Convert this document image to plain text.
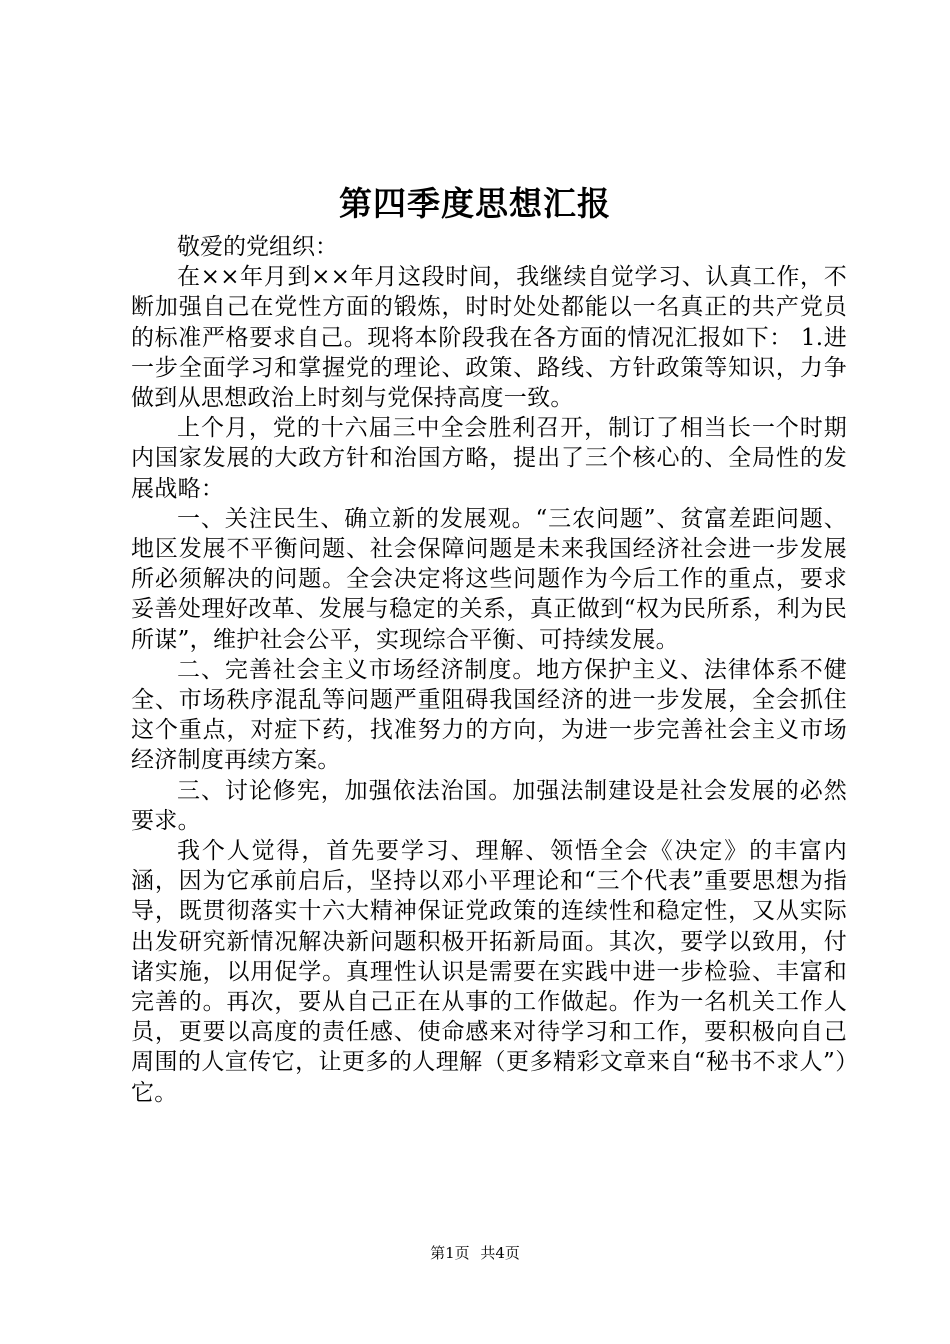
第四季度思想汇报

敬爱的党组织：

在××年月到××年月这段时间，我继续自觉学习、认真工作，不断加强自己在党性方面的锻炼，时时处处都能以一名真正的共产党员的标准严格要求自己。现将本阶段我在各方面的情况汇报如下： 1.进一步全面学习和掌握党的理论、政策、路线、方针政策等知识，力争做到从思想政治上时刻与党保持高度一致。

上个月，党的十六届三中全会胜利召开，制订了相当长一个时期内国家发展的大政方针和治国方略，提出了三个核心的、全局性的发展战略：

一、关注民生、确立新的发展观。“三农问题”、贫富差距问题、地区发展不平衡问题、社会保障问题是未来我国经济社会进一步发展所必须解决的问题。全会决定将这些问题作为今后工作的重点，要求妥善处理好改革、发展与稳定的关系，真正做到“权为民所系，利为民所谋”，维护社会公平，实现综合平衡、可持续发展。

二、完善社会主义市场经济制度。地方保护主义、法律体系不健全、市场秩序混乱等问题严重阻碍我国经济的进一步发展，全会抓住这个重点，对症下药，找准努力的方向，为进一步完善社会主义市场经济制度再续方案。

三、讨论修宪，加强依法治国。加强法制建设是社会发展的必然要求。

我个人觉得，首先要学习、理解、领悟全会《决定》的丰富内涵，因为它承前启后，坚持以邓小平理论和“三个代表”重要思想为指导，既贯彻落实十六大精神保证党政策的连续性和稳定性，又从实际出发研究新情况解决新问题积极开拓新局面。其次，要学以致用，付诸实施，以用促学。真理性认识是需要在实践中进一步检验、丰富和完善的。再次，要从自己正在从事的工作做起。作为一名机关工作人员，更要以高度的责任感、使命感来对待学习和工作，要积极向自己周围的人宣传它，让更多的人理解（更多精彩文章来自“秘书不求人”）它。

第1页 共4页
